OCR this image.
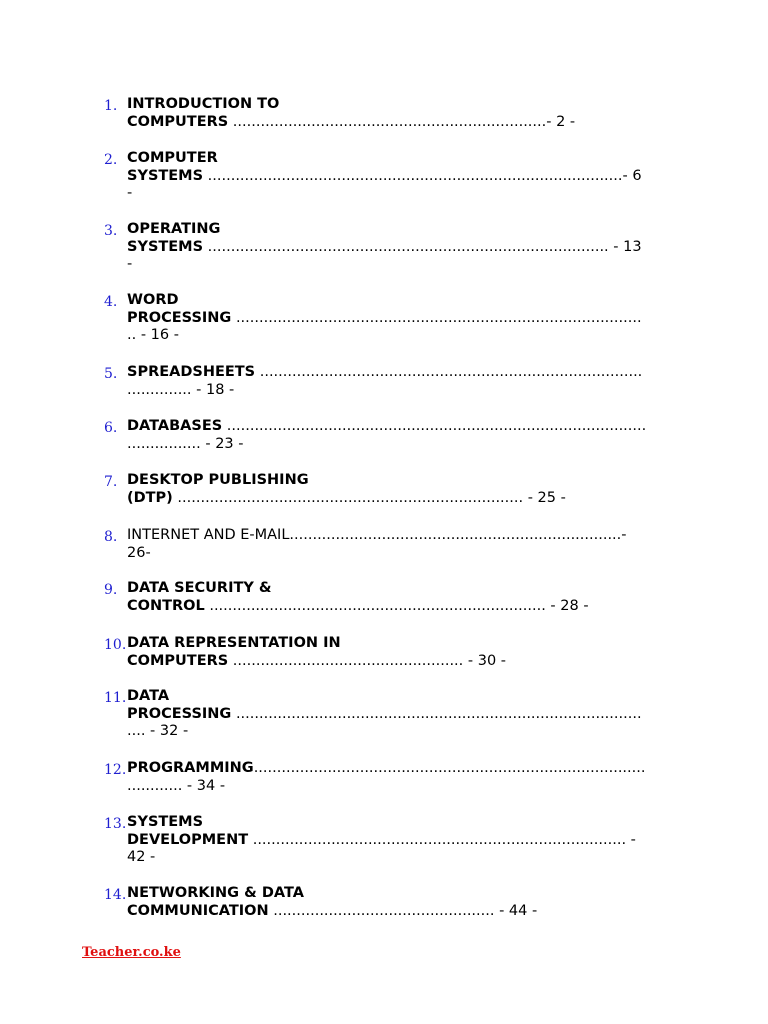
1. INTRODUCTION TO
COMPUTERS ....................................................................- 2 -
2. COMPUTER
SYSTEMS ..........................................................................................- 6
-
3. OPERATING
SYSTEMS ....................................................................................... - 13
-
4. WORD
PROCESSING ........................................................................................
.. - 16 -
5. SPREADSHEETS ...................................................................................
.............. - 18 -
6. DATABASES ...........................................................................................
................ - 23 -
7. DESKTOP PUBLISHING
(DTP) ........................................................................... - 25 -
8. INTERNET AND E-MAIL........................................................................-
26-
9. DATA SECURITY &
CONTROL ......................................................................... - 28 -
10. DATA REPRESENTATION IN
COMPUTERS .................................................. - 30 -
11. DATA
PROCESSING ........................................................................................
.... - 32 -
12. PROGRAMMING.....................................................................................
............ - 34 -
13. SYSTEMS
DEVELOPMENT ................................................................................. -
42 -
14. NETWORKING & DATA
COMMUNICATION ................................................ - 44 -
Teacher.co.ke
